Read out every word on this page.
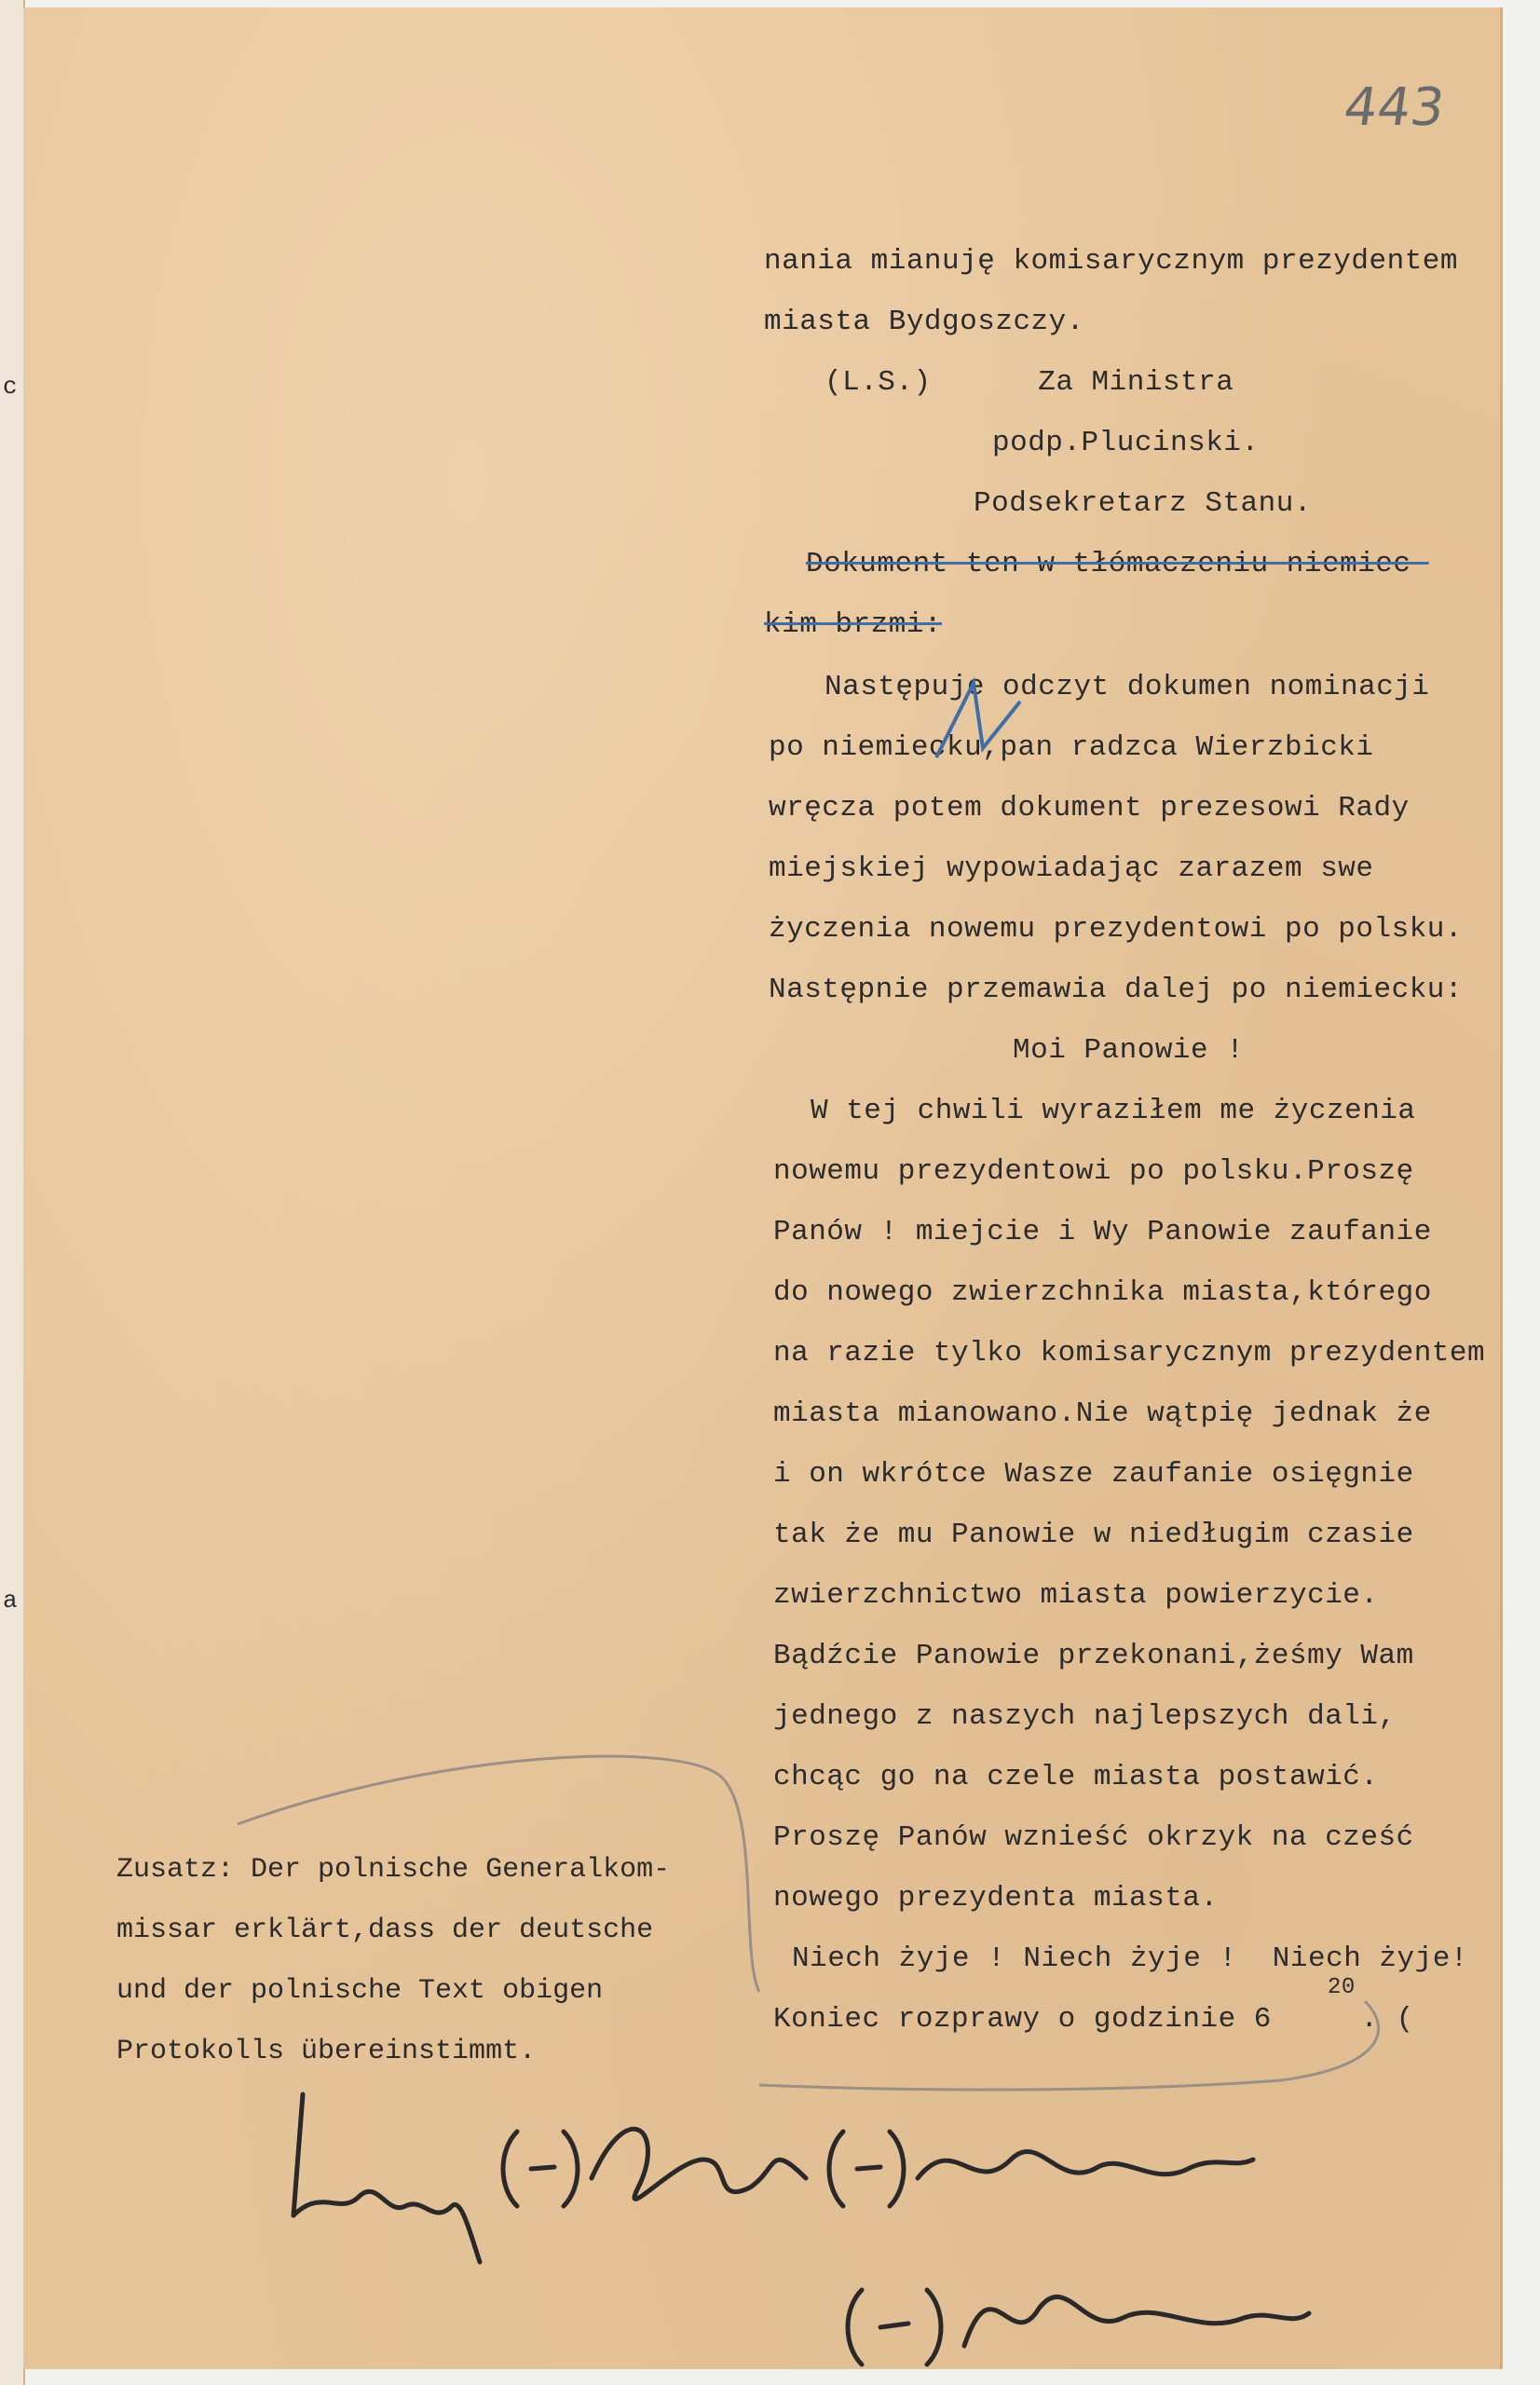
443
nania mianuję komisarycznym prezydentem
miasta Bydgoszczy.
(L.S.)      Za Ministra
podp.Plucinski.
Podsekretarz Stanu.
Dokument ten w tłómaczeniu niemiec-
kim brzmi:
Następuje odczyt dokumen nominacji
po niemiecku,pan radzca Wierzbicki
wręcza potem dokument prezesowi Rady
miejskiej wypowiadając zarazem swe
życzenia nowemu prezydentowi po polsku.
Następnie przemawia dalej po niemiecku:
Moi Panowie !
W tej chwili wyraziłem me życzenia
nowemu prezydentowi po polsku.Proszę
Panów ! miejcie i Wy Panowie zaufanie
do nowego zwierzchnika miasta,którego
na razie tylko komisarycznym prezydentem
miasta mianowano.Nie wątpię jednak że
i on wkrótce Wasze zaufanie osięgnie
tak że mu Panowie w niedługim czasie
zwierzchnictwo miasta powierzycie.
Bądźcie Panowie przekonani,żeśmy Wam
jednego z naszych najlepszych dali,
chcąc go na czele miasta postawić.
Proszę Panów wznieść okrzyk na cześć
nowego prezydenta miasta.
Niech żyje ! Niech żyje !  Niech żyje!
Koniec rozprawy o godzinie 6     . (
20
Zusatz: Der polnische Generalkom-
missar erklärt,dass der deutsche
und der polnische Text obigen
Protokolls übereinstimmt.
c
a
